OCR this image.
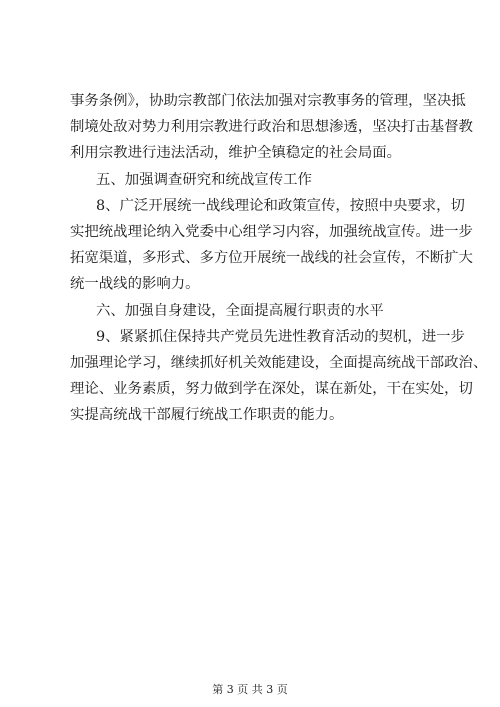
事务条例》，协助宗教部门依法加强对宗教事务的管理，坚决抵
制境处敌对势力利用宗教进行政治和思想渗透，坚决打击基督教
利用宗教进行违法活动，维护全镇稳定的社会局面。
五、加强调查研究和统战宣传工作
8、广泛开展统一战线理论和政策宣传，按照中央要求，切
实把统战理论纳入党委中心组学习内容，加强统战宣传。进一步
拓宽渠道，多形式、多方位开展统一战线的社会宣传，不断扩大
统一战线的影响力。
六、加强自身建设，全面提高履行职责的水平
9、紧紧抓住保持共产党员先进性教育活动的契机，进一步
加强理论学习，继续抓好机关效能建设，全面提高统战干部政治、
理论、业务素质，努力做到学在深处，谋在新处，干在实处，切
实提高统战干部履行统战工作职责的能力。
第 3 页 共 3 页
